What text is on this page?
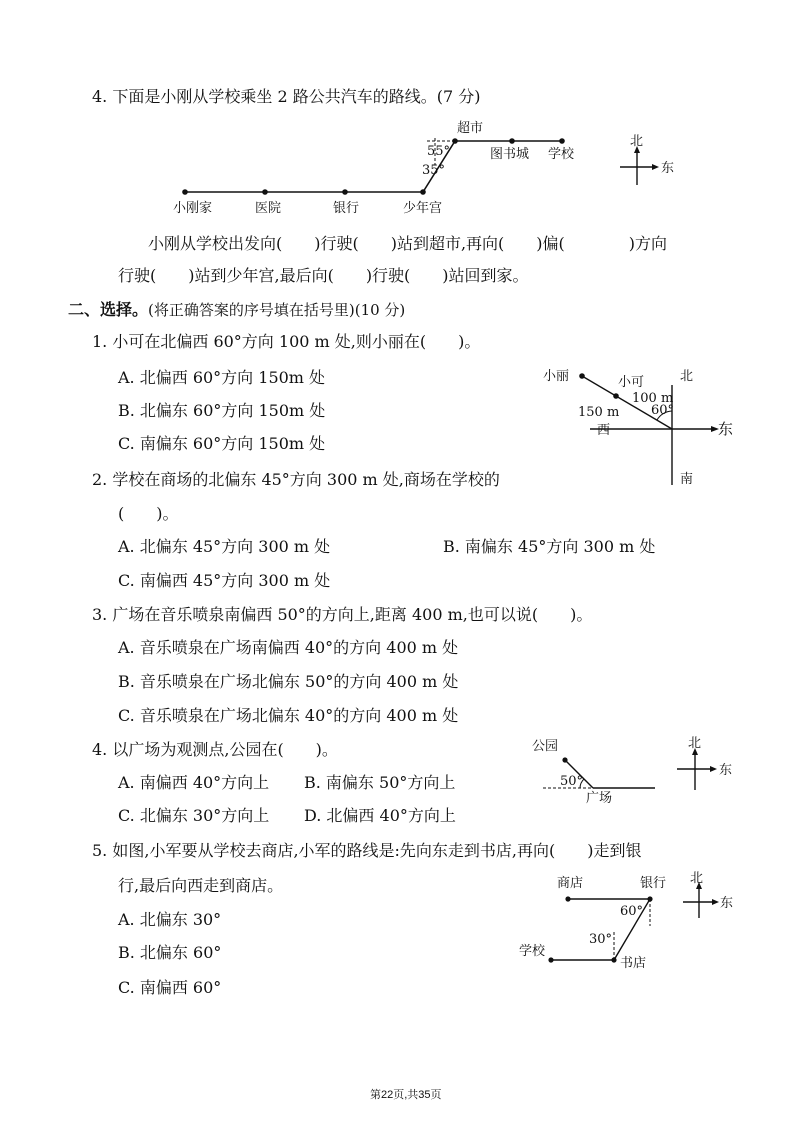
4. 下面是小刚从学校乘坐 2 路公共汽车的路线。(7 分)
超市
图书城 学校
55°
35°
小刚家	医院	银行	少年宫
北
东
小刚从学校出发向(　　)行驶(　　)站到超市,再向(　　)偏(　　　　)方向
行驶(　　)站到少年宫,最后向(　　)行驶(　　)站回到家。
二、选择。(将正确答案的序号填在括号里)(10 分)
1. 小可在北偏西 60°方向 100 m 处,则小丽在(　　)。
A. 北偏西 60°方向 150m 处
B. 北偏东 60°方向 150m 处
C. 南偏东 60°方向 150m 处
小丽	小可
100 m
150 m 60°
北
西	东
南
2. 学校在商场的北偏东 45°方向 300 m 处,商场在学校的
(　　)。
A. 北偏东 45°方向 300 m 处	B. 南偏东 45°方向 300 m 处
C. 南偏西 45°方向 300 m 处
3. 广场在音乐喷泉南偏西 50°的方向上,距离 400 m,也可以说(　　)。
A. 音乐喷泉在广场南偏西 40°的方向 400 m 处
B. 音乐喷泉在广场北偏东 50°的方向 400 m 处
C. 音乐喷泉在广场北偏东 40°的方向 400 m 处
4. 以广场为观测点,公园在(　　)。
A. 南偏西 40°方向上 B. 南偏东 50°方向上
C. 北偏东 30°方向上 D. 北偏西 40°方向上
公园
50°
广场
北
东
5. 如图,小军要从学校去商店,小军的路线是:先向东走到书店,再向(　　)走到银
行,最后向西走到商店。
A. 北偏东 30°
B. 北偏东 60°
C. 南偏西 60°
商店	银行
60°
30°
学校
书店
北
东
第22页,共35页
